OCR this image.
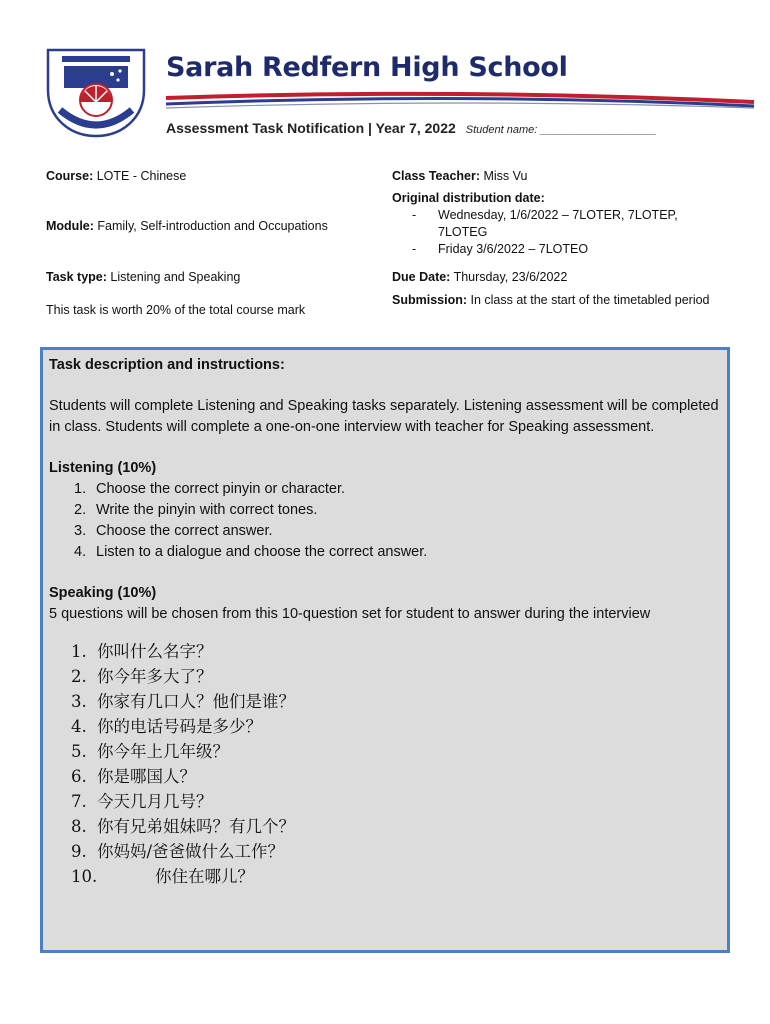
Sarah Redfern High School
Assessment Task Notification | Year 7, 2022 Student name: ___________________
Course: LOTE - Chinese
Module: Family, Self-introduction and Occupations
Task type: Listening and Speaking
This task is worth 20% of the total course mark
Class Teacher: Miss Vu
Original distribution date:
- Wednesday, 1/6/2022 – 7LOTER, 7LOTEP, 7LOTEG
- Friday 3/6/2022 – 7LOTEO
Due Date: Thursday, 23/6/2022
Submission: In class at the start of the timetabled period

Task description and instructions:

Students will complete Listening and Speaking tasks separately. Listening assessment will be completed in class. Students will complete a one-on-one interview with teacher for Speaking assessment.

Listening (10%)

1. Choose the correct pinyin or character.
2. Write the pinyin with correct tones.
3. Choose the correct answer.
4. Listen to a dialogue and choose the correct answer.

Speaking (10%)

5 questions will be chosen from this 10-question set for student to answer during the interview

1. 你叫什么名字？
2. 你今年多大了？
3. 你家有几口人？他们是谁？
4. 你的电话号码是多少？
5. 你今年上几年级？
6. 你是哪国人？
7. 今天几月几号？
8. 你有兄弟姐妹吗？有几个？
9. 你妈妈/爸爸做什么工作？
10.	你住在哪儿？
